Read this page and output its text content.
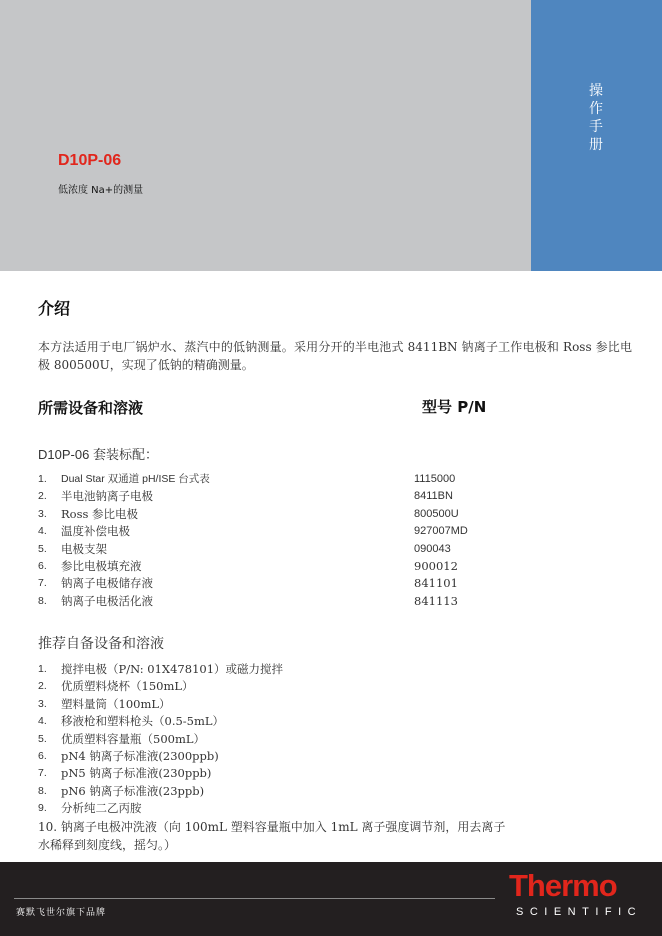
操作手册
D10P-06
低浓度 Na+的测量
介绍
本方法适用于电厂锅炉水、蒸汽中的低钠测量。采用分开的半电池式 8411BN 钠离子工作电极和 Ross 参比电极 800500U，实现了低钠的精确测量。
所需设备和溶液	型号 P/N
D10P-06 套装标配：
1. Dual Star 双通道 pH/ISE 台式表	1115000
2. 半电池钠离子电极	8411BN
3. Ross 参比电极	800500U
4. 温度补偿电极	927007MD
5. 电极支架	090043
6. 参比电极填充液	900012
7. 钠离子电极储存液	841101
8. 钠离子电极活化液	841113
推荐自备设备和溶液
1. 搅拌电极（P/N: 01X478101）或磁力搅拌
2. 优质塑料烧杯（150mL）
3. 塑料量筒（100mL）
4. 移液枪和塑料枪头（0.5-5mL）
5. 优质塑料容量瓶（500mL）
6. pN4 钠离子标准液(2300ppb)
7. pN5 钠离子标准液(230ppb)
8. pN6 钠离子标准液(23ppb)
9. 分析纯二乙丙胺
10. 钠离子电极冲洗液（向 100mL 塑料容量瓶中加入 1mL 离子强度调节剂，用去离子水稀释到刻度线，摇匀。）
赛默飞世尔旗下品牌
Thermo
SCIENTIFIC
